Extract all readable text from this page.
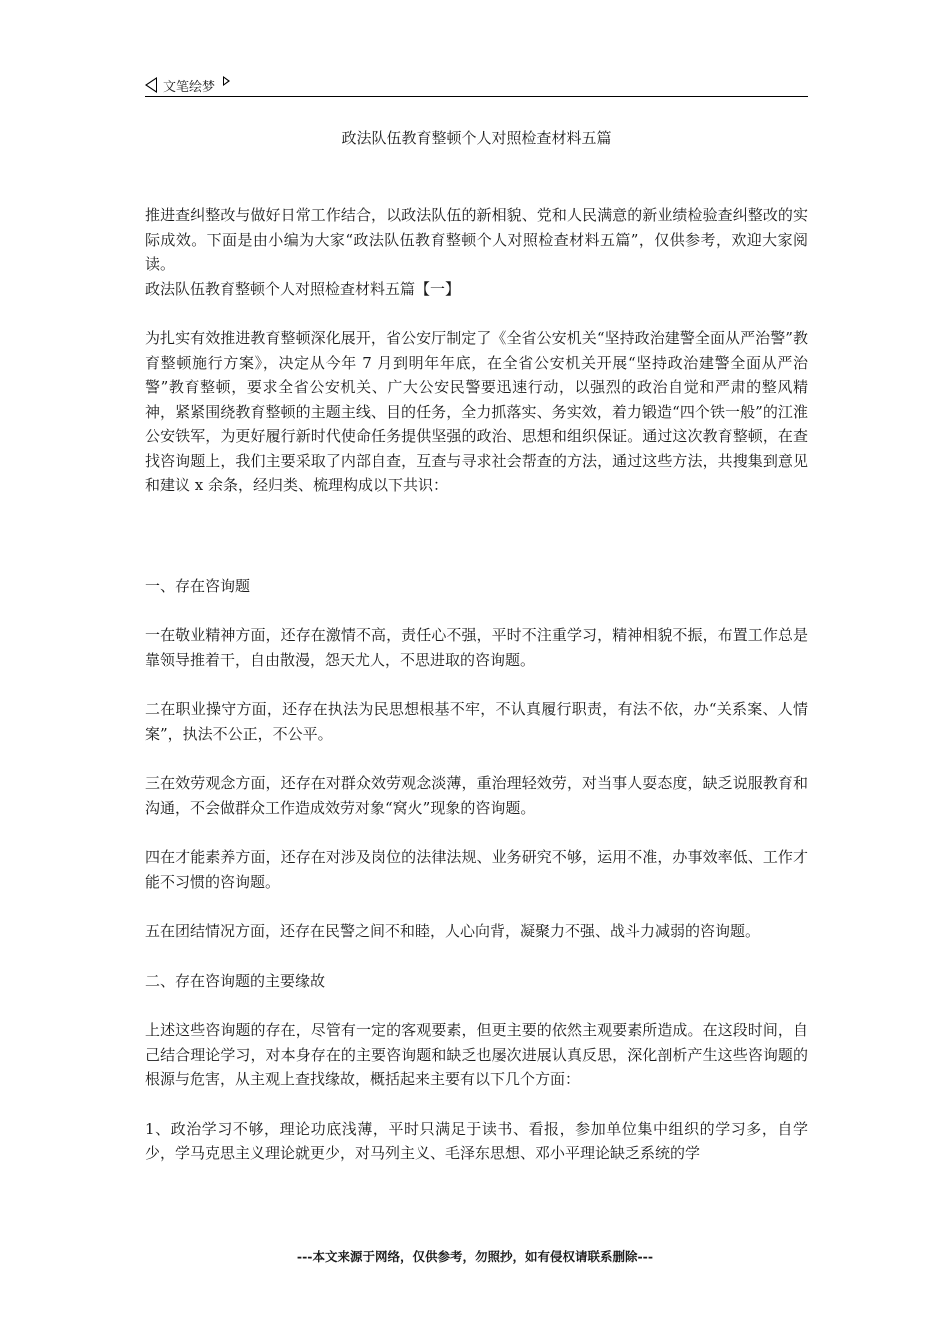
文笔绘梦
政法队伍教育整顿个人对照检查材料五篇

推进查纠整改与做好日常工作结合，以政法队伍的新相貌、党和人民满意的新业绩检验查纠整改的实际成效。下面是由小编为大家“政法队伍教育整顿个人对照检查材料五篇”，仅供参考，欢迎大家阅读。

政法队伍教育整顿个人对照检查材料五篇【一】

为扎实有效推进教育整顿深化展开，省公安厅制定了《全省公安机关“坚持政治建警全面从严治警”教育整顿施行方案》，决定从今年 7 月到明年年底，在全省公安机关开展“坚持政治建警全面从严治警”教育整顿，要求全省公安机关、广大公安民警要迅速行动，以强烈的政治自觉和严肃的整风精神，紧紧围绕教育整顿的主题主线、目的任务，全力抓落实、务实效，着力锻造“四个铁一般”的江淮公安铁军，为更好履行新时代使命任务提供坚强的政治、思想和组织保证。通过这次教育整顿，在查找咨询题上，我们主要采取了内部自查，互查与寻求社会帮查的方法，通过这些方法，共搜集到意见和建议 x 余条，经归类、梳理构成以下共识：

一、存在咨询题

一在敬业精神方面，还存在激情不高，责任心不强，平时不注重学习，精神相貌不振，布置工作总是靠领导推着干，自由散漫，怨天尤人，不思进取的咨询题。

二在职业操守方面，还存在执法为民思想根基不牢，不认真履行职责，有法不依，办“关系案、人情案”，执法不公正，不公平。

三在效劳观念方面，还存在对群众效劳观念淡薄，重治理轻效劳，对当事人耍态度，缺乏说服教育和沟通，不会做群众工作造成效劳对象“窝火”现象的咨询题。

四在才能素养方面，还存在对涉及岗位的法律法规、业务研究不够，运用不准，办事效率低、工作才能不习惯的咨询题。

五在团结情况方面，还存在民警之间不和睦，人心向背，凝聚力不强、战斗力减弱的咨询题。

二、存在咨询题的主要缘故

上述这些咨询题的存在，尽管有一定的客观要素，但更主要的依然主观要素所造成。在这段时间，自己结合理论学习，对本身存在的主要咨询题和缺乏也屡次进展认真反思，深化剖析产生这些咨询题的根源与危害，从主观上查找缘故，概括起来主要有以下几个方面：

1、政治学习不够，理论功底浅薄，平时只满足于读书、看报，参加单位集中组织的学习多，自学少，学马克思主义理论就更少，对马列主义、毛泽东思想、邓小平理论缺乏系统的学

---本文来源于网络，仅供参考，勿照抄，如有侵权请联系删除---
